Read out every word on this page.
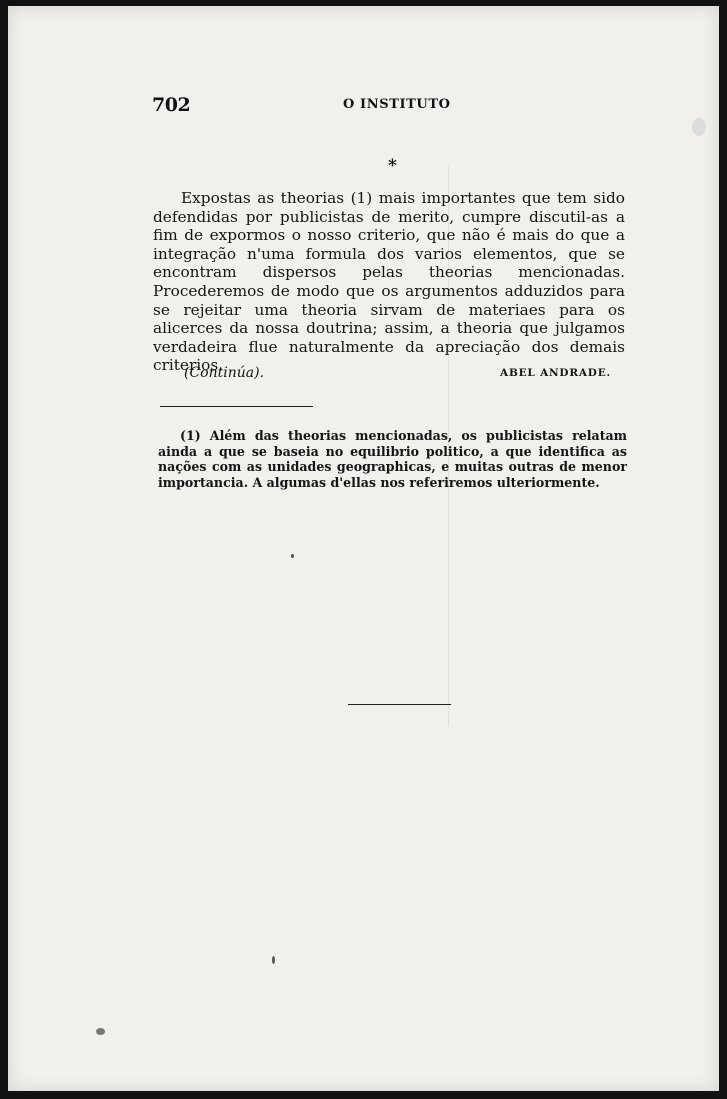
702	O INSTITUTO
*

Expostas as theorias (1) mais importantes que tem sido defendidas por publicistas de merito, cumpre discutil-as a fim de expormos o nosso criterio, que não é mais do que a integração n'uma formula dos varios elementos, que se encontram dispersos pelas theorias mencionadas. Procederemos de modo que os argumentos adduzidos para se rejeitar uma theoria sirvam de materiaes para os alicerces da nossa doutrina; assim, a theoria que julgamos verdadeira flue naturalmente da apreciação dos demais criterios.

(Continúa).	ABEL ANDRADE.

(1) Além das theorias mencionadas, os publicistas relatam ainda a que se baseia no equilibrio politico, a que identifica as nações com as unidades geographicas, e muitas outras de menor importancia. A algumas d'ellas nos referiremos ulteriormente.
